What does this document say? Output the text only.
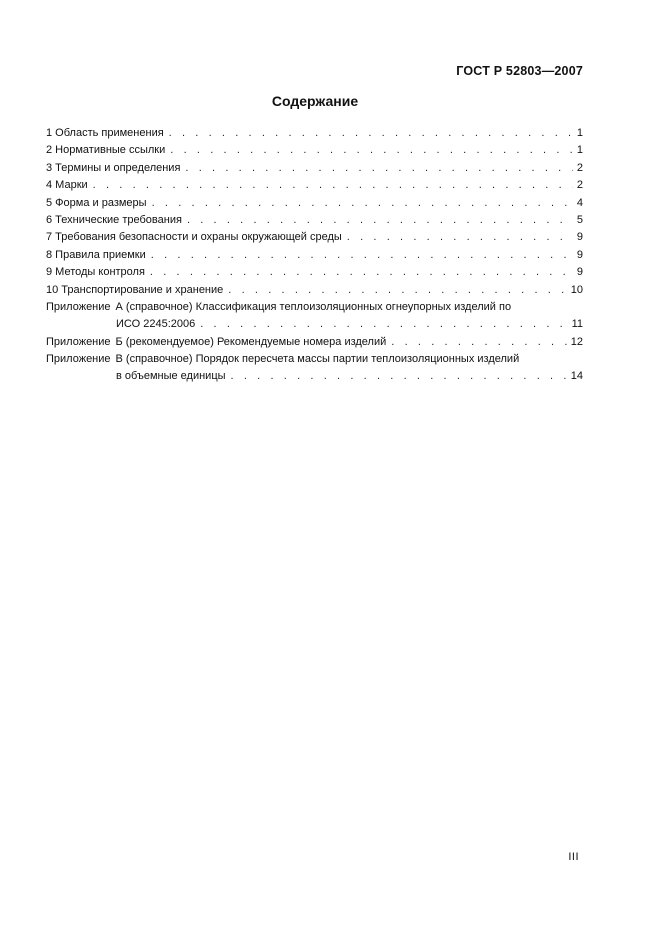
ГОСТ Р 52803—2007
Содержание
1 Область применения . . .	1
2 Нормативные ссылки . . .	1
3 Термины и определения . . .	2
4 Марки . . .	2
5 Форма и размеры . . .	4
6 Технические требования . . .	5
7 Требования безопасности и охраны окружающей среды . . .	9
8 Правила приемки . . .	9
9 Методы контроля . . .	9
10 Транспортирование и хранение . . .	10
Приложение А (справочное) Классификация теплоизоляционных огнеупорных изделий по
ИСО 2245:2006 . . .	11
Приложение Б (рекомендуемое) Рекомендуемые номера изделий . . .	12
Приложение В (справочное) Порядок пересчета массы партии теплоизоляционных изделий
в объемные единицы . . .	14
III
